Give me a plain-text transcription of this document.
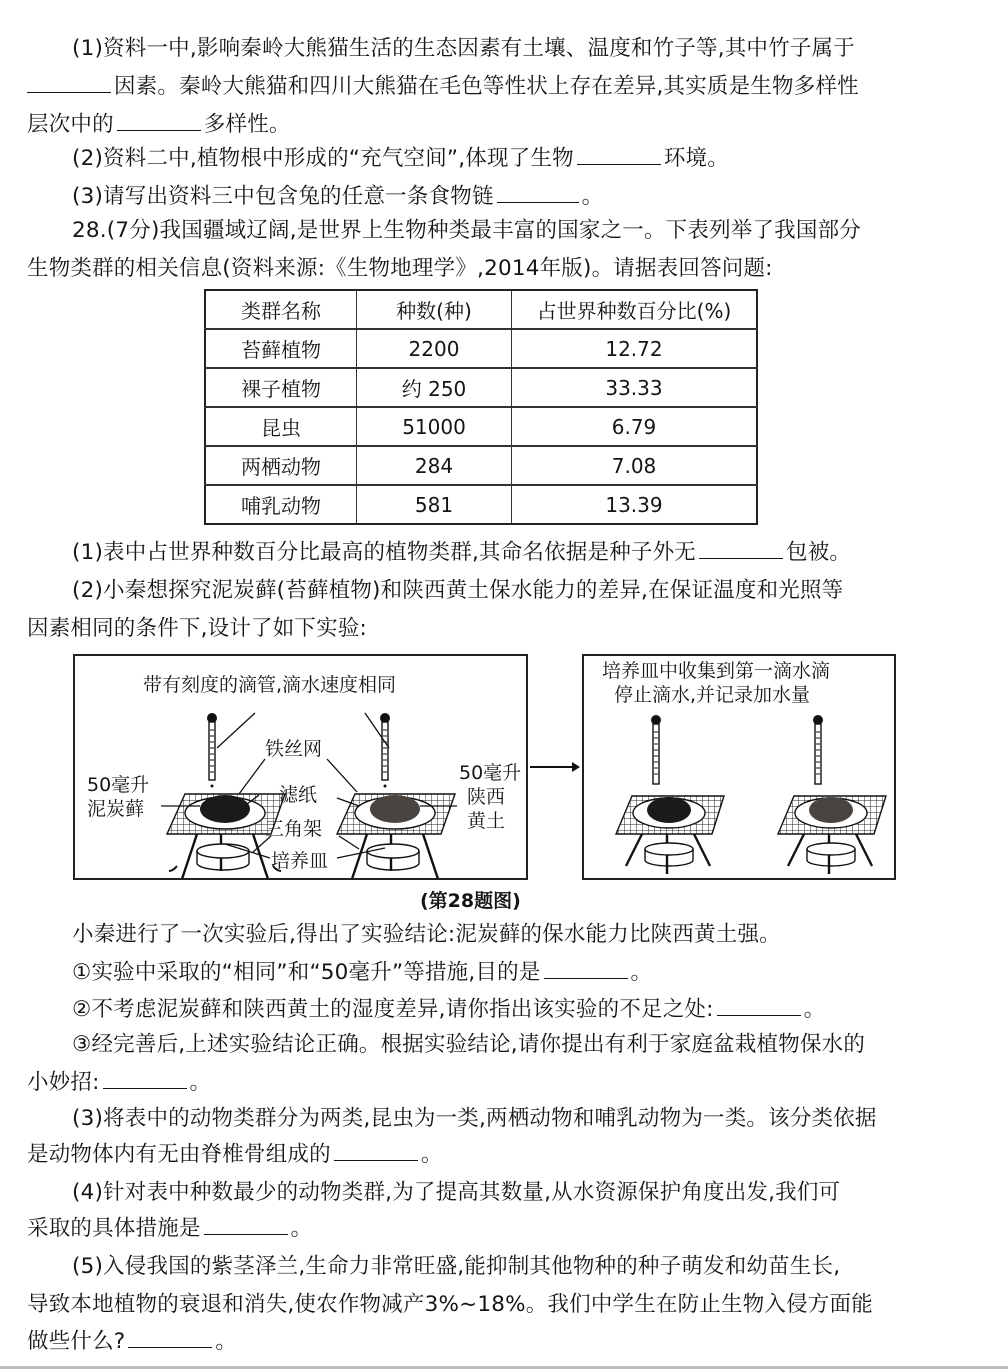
(1)资料一中,影响秦岭大熊猫生活的生态因素有土壤、温度和竹子等,其中竹子属于
因素。秦岭大熊猫和四川大熊猫在毛色等性状上存在差异,其实质是生物多样性
层次中的	多样性。
(2)资料二中,植物根中形成的“充气空间”,体现了生物	环境。
(3)请写出资料三中包含兔的任意一条食物链	。
28.(7分)我国疆域辽阔,是世界上生物种类最丰富的国家之一。下表列举了我国部分
生物类群的相关信息(资料来源:《生物地理学》,2014年版)。请据表回答问题:
类群名称	种数(种)	占世界种数百分比(%)
苔藓植物	2200	12.72
裸子植物	约 250	33.33
昆虫	51000	6.79
两栖动物	284	7.08
哺乳动物	581	13.39
(1)表中占世界种数百分比最高的植物类群,其命名依据是种子外无	包被。
(2)小秦想探究泥炭藓(苔藓植物)和陕西黄土保水能力的差异,在保证温度和光照等
因素相同的条件下,设计了如下实验:
带有刻度的滴管,滴水速度相同
铁丝网
50毫升
泥炭藓
滤纸
三角架
培养皿
50毫升
陕西
黄土
培养皿中收集到第一滴水滴
停止滴水,并记录加水量
(第28题图)
小秦进行了一次实验后,得出了实验结论:泥炭藓的保水能力比陕西黄土强。
①实验中采取的“相同”和“50毫升”等措施,目的是	。
②不考虑泥炭藓和陕西黄土的湿度差异,请你指出该实验的不足之处:	。
③经完善后,上述实验结论正确。根据实验结论,请你提出有利于家庭盆栽植物保水的
小妙招:	。
(3)将表中的动物类群分为两类,昆虫为一类,两栖动物和哺乳动物为一类。该分类依据
是动物体内有无由脊椎骨组成的	。
(4)针对表中种数最少的动物类群,为了提高其数量,从水资源保护角度出发,我们可
采取的具体措施是	。
(5)入侵我国的紫茎泽兰,生命力非常旺盛,能抑制其他物种的种子萌发和幼苗生长,
导致本地植物的衰退和消失,使农作物减产3%~18%。我们中学生在防止生物入侵方面能
做些什么?	。
